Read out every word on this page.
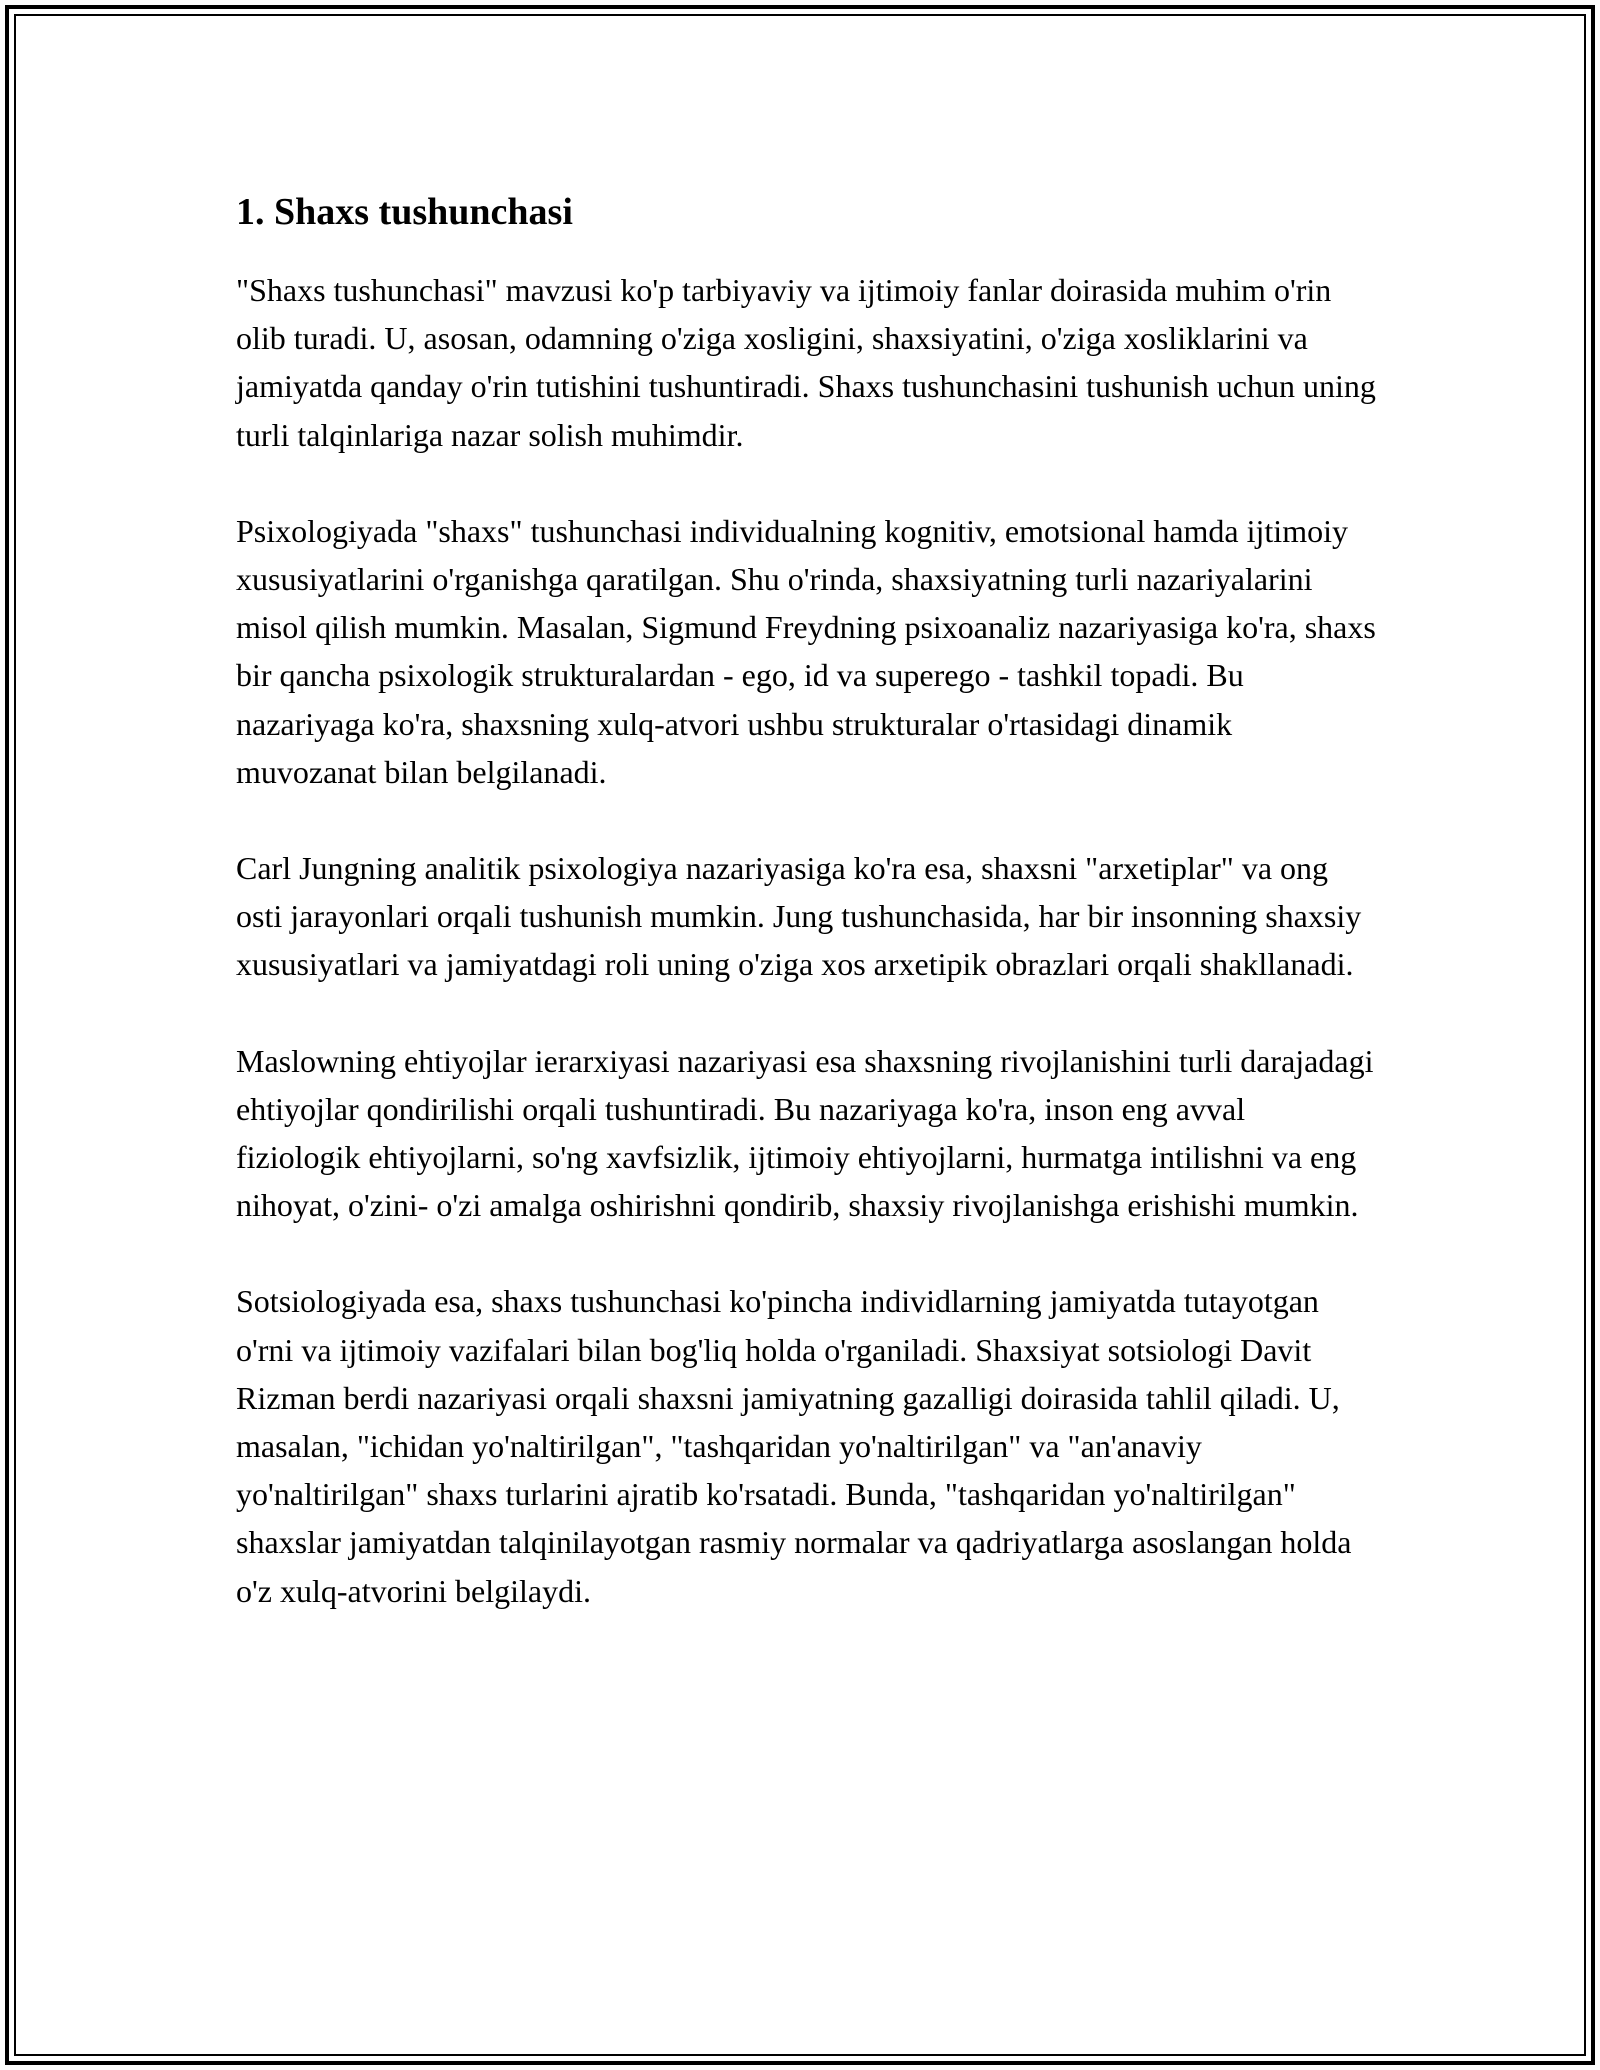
1. Shaxs tushunchasi

"Shaxs tushunchasi" mavzusi ko'p tarbiyaviy va ijtimoiy fanlar doirasida muhim o'rin olib turadi. U, asosan, odamning o'ziga xosligini, shaxsiyatini, o'ziga xosliklarini va jamiyatda qanday o'rin tutishini tushuntiradi. Shaxs tushunchasini tushunish uchun uning turli talqinlariga nazar solish muhimdir.

Psixologiyada "shaxs" tushunchasi individualning kognitiv, emotsional hamda ijtimoiy xususiyatlarini o'rganishga qaratilgan. Shu o'rinda, shaxsiyatning turli nazariyalarini misol qilish mumkin. Masalan, Sigmund Freydning psixoanaliz nazariyasiga ko'ra, shaxs bir qancha psixologik strukturalardan - ego, id va superego - tashkil topadi. Bu nazariyaga ko'ra, shaxsning xulq-atvori ushbu strukturalar o'rtasidagi dinamik muvozanat bilan belgilanadi.

Carl Jungning analitik psixologiya nazariyasiga ko'ra esa, shaxsni "arxetiplar" va ong osti jarayonlari orqali tushunish mumkin. Jung tushunchasida, har bir insonning shaxsiy xususiyatlari va jamiyatdagi roli uning o'ziga xos arxetipik obrazlari orqali shakllanadi.

Maslowning ehtiyojlar ierarxiyasi nazariyasi esa shaxsning rivojlanishini turli darajadagi ehtiyojlar qondirilishi orqali tushuntiradi. Bu nazariyaga ko'ra, inson eng avval fiziologik ehtiyojlarni, so'ng xavfsizlik, ijtimoiy ehtiyojlarni, hurmatga intilishni va eng nihoyat, o'zini- o'zi amalga oshirishni qondirib, shaxsiy rivojlanishga erishishi mumkin.

Sotsiologiyada esa, shaxs tushunchasi ko'pincha individlarning jamiyatda tutayotgan o'rni va ijtimoiy vazifalari bilan bog'liq holda o'rganiladi. Shaxsiyat sotsiologi Davit Rizman berdi nazariyasi orqali shaxsni jamiyatning gazalligi doirasida tahlil qiladi. U, masalan, "ichidan yo'naltirilgan", "tashqaridan yo'naltirilgan" va "an'anaviy yo'naltirilgan" shaxs turlarini ajratib ko'rsatadi. Bunda, "tashqaridan yo'naltirilgan" shaxslar jamiyatdan talqinilayotgan rasmiy normalar va qadriyatlarga asoslangan holda o'z xulq-atvorini belgilaydi.
